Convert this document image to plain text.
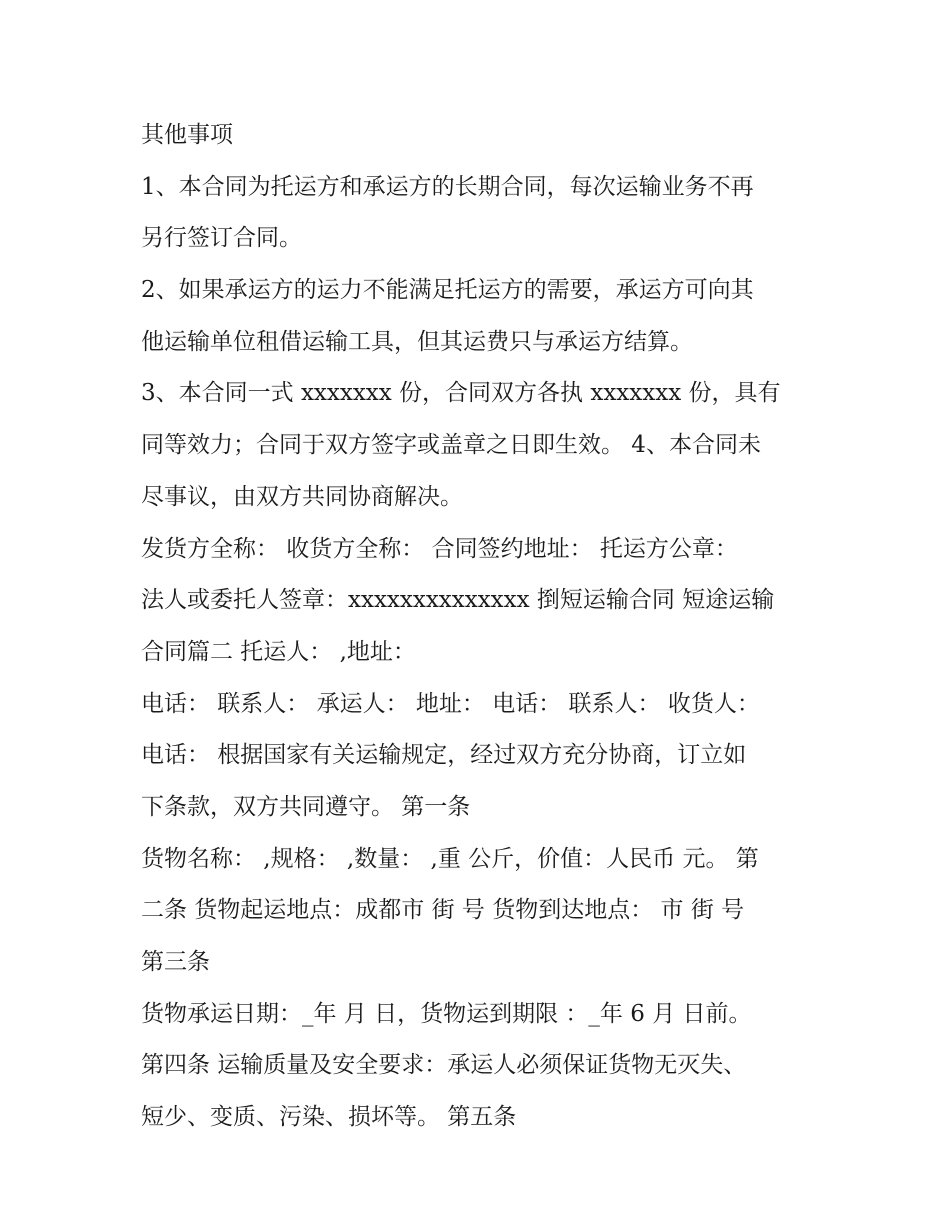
其他事项
1、本合同为托运方和承运方的长期合同，每次运输业务不再
另行签订合同。
2、如果承运方的运力不能满足托运方的需要，承运方可向其
他运输单位租借运输工具，但其运费只与承运方结算。
3、本合同一式 xxxxxxx 份，合同双方各执 xxxxxxx 份，具有
同等效力；合同于双方签字或盖章之日即生效。 4、本合同未
尽事议，由双方共同协商解决。
发货方全称： 收货方全称： 合同签约地址： 托运方公章：
法人或委托人签章：xxxxxxxxxxxxxx 捯短运输合同 短途运输
合同篇二 托运人： ,地址：
电话： 联系人： 承运人： 地址： 电话： 联系人： 收货人：
电话： 根据国家有关运输规定，经过双方充分协商，订立如
下条款，双方共同遵守。 第一条
货物名称： ,规格： ,数量： ,重 公斤，价值：人民币 元。 第
二条 货物起运地点：成都市 街 号 货物到达地点： 市 街 号
第三条
货物承运日期：_年 月 日，货物运到期限 ：_年 6 月 日前。
第四条 运输质量及安全要求：承运人必须保证货物无灭失、
短少、变质、污染、损坏等。 第五条
